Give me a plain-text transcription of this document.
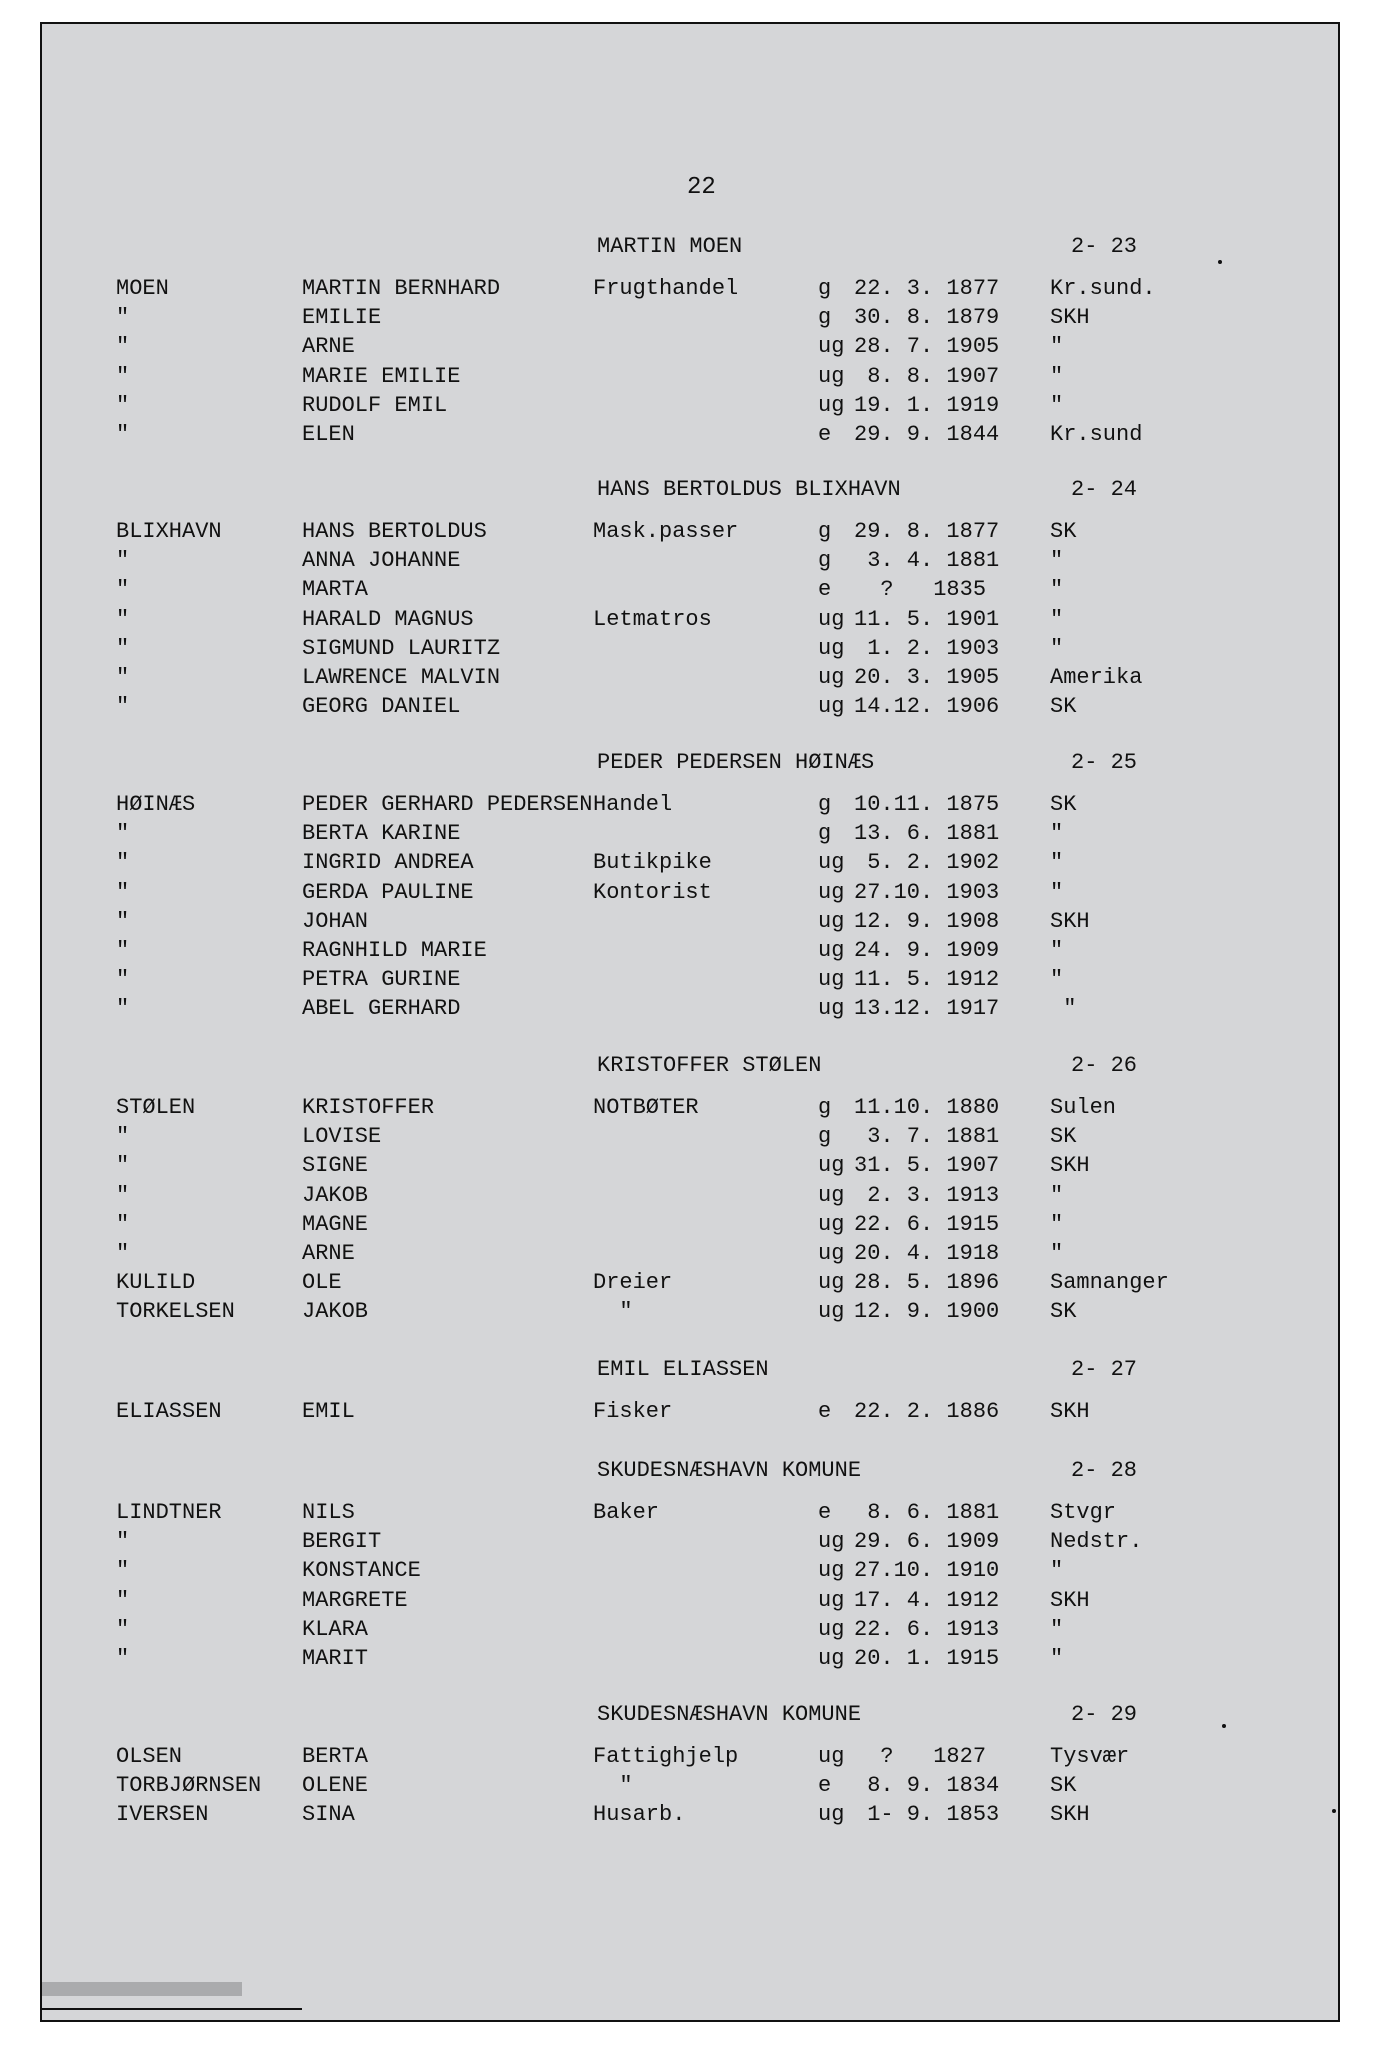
22
MARTIN MOEN	2- 23
MOEN	MARTIN BERNHARD	Frugthandel	g 22. 3. 1877 Kr.sund.
"	EMILIE	g 30. 8. 1879 SKH
"	ARNE	ug 28. 7. 1905 "
"	MARIE EMILIE	ug 8. 8. 1907 "
"	RUDOLF EMIL	ug 19. 1. 1919 "
"	ELEN	e 29. 9. 1844 Kr.sund
HANS BERTOLDUS BLIXHAVN	2- 24
BLIXHAVN	HANS BERTOLDUS	Mask.passer	g 29. 8. 1877 SK
"	ANNA JOHANNE	g 3. 4. 1881 "
"	MARTA	e ?   1835	"
"	HARALD MAGNUS	Letmatros	ug 11. 5. 1901 "
"	SIGMUND LAURITZ	ug 1. 2. 1903 "
"	LAWRENCE MALVIN	ug 20. 3. 1905 Amerika
"	GEORG DANIEL	ug 14.12. 1906 SK
PEDER PEDERSEN HØINÆS	2- 25
HØINÆS	PEDER GERHARD PEDERSEN Handel	g 10.11. 1875 SK
"	BERTA KARINE	g 13. 6. 1881 "
"	INGRID ANDREA	Butikpike	ug 5. 2. 1902 "
"	GERDA PAULINE	Kontorist	ug 27.10. 1903 "
"	JOHAN	ug 12. 9. 1908 SKH
"	RAGNHILD MARIE	ug 24. 9. 1909 "
"	PETRA GURINE	ug 11. 5. 1912 "
"	ABEL GERHARD	ug 13.12. 1917 "
KRISTOFFER STØLEN	2- 26
STØLEN	KRISTOFFER	NOTBØTER	g 11.10. 1880 Sulen
"	LOVISE	g 3. 7. 1881 SK
"	SIGNE	ug 31. 5. 1907 SKH
"	JAKOB	ug 2. 3. 1913 "
"	MAGNE	ug 22. 6. 1915 "
"	ARNE	ug 20. 4. 1918 "
KULILD	OLE	Dreier	ug 28. 5. 1896 Samnanger
TORKELSEN	JAKOB	"	ug 12. 9. 1900 SK
EMIL ELIASSEN	2- 27
ELIASSEN	EMIL	Fisker	e 22. 2. 1886 SKH
SKUDESNÆSHAVN KOMUNE	2- 28
LINDTNER	NILS	Baker	e 8. 6. 1881 Stvgr
"	BERGIT	ug 29. 6. 1909 Nedstr.
"	KONSTANCE	ug 27.10. 1910 "
"	MARGRETE	ug 17. 4. 1912 SKH
"	KLARA	ug 22. 6. 1913 "
"	MARIT	ug 20. 1. 1915 "
SKUDESNÆSHAVN KOMUNE	2- 29
OLSEN	BERTA	Fattighjelp	ug ?   1827	Tysvær
TORBJØRNSEN OLENE	"	e 8. 9. 1834 SK
IVERSEN	SINA	Husarb.	ug 1- 9. 1853 SKH
